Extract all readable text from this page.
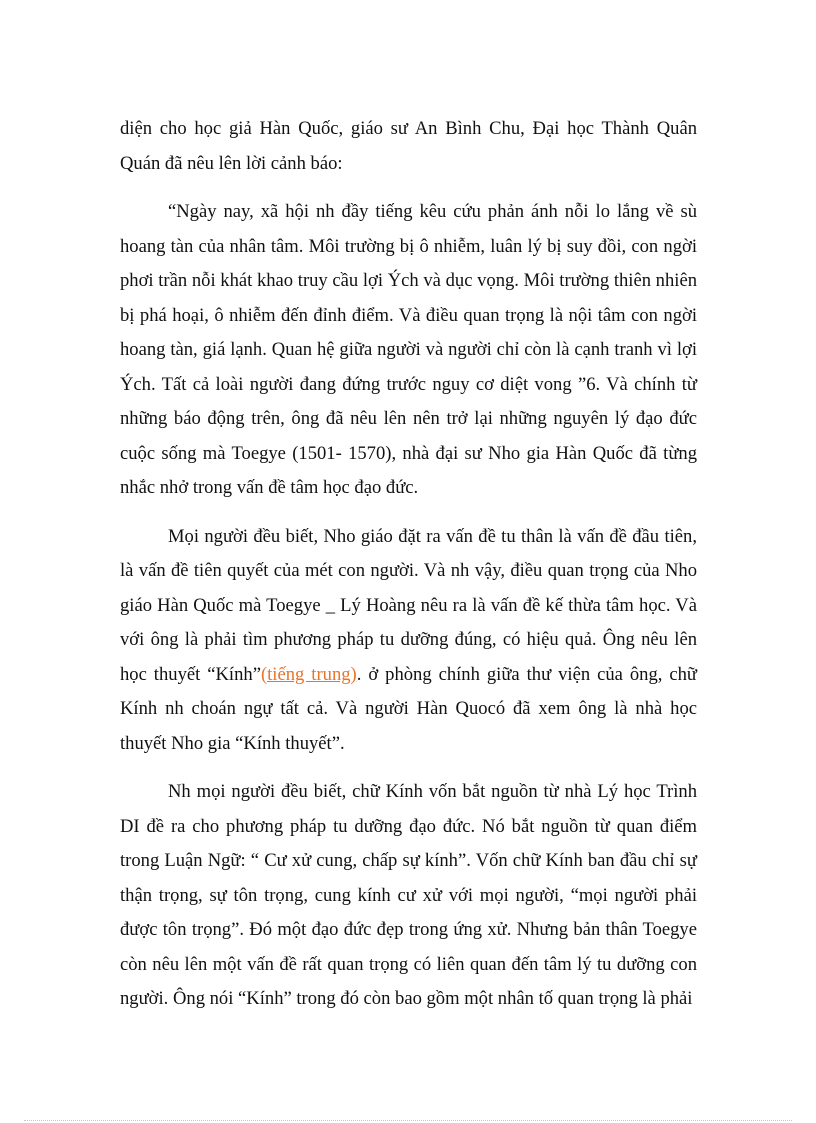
diện cho học giả Hàn Quốc, giáo sư An Bình Chu, Đại học Thành Quân Quán đã nêu lên lời cảnh báo:

“Ngày nay, xã hội nh đầy tiếng kêu cứu phản ánh nỗi lo lắng về sù hoang tàn của nhân tâm. Môi trường bị ô nhiễm, luân lý bị suy đồi, con ngời phơi trần nỗi khát khao truy cầu lợi Ých và dục vọng. Môi trường thiên nhiên bị phá hoại, ô nhiễm đến đỉnh điểm. Và điều quan trọng là nội tâm con ngời hoang tàn, giá lạnh. Quan hệ giữa người và người chỉ còn là cạnh tranh vì lợi Ých. Tất cả loài người đang đứng trước nguy cơ diệt vong ”6. Và chính từ những báo động trên, ông đã nêu lên nên trở lại những nguyên lý đạo đức cuộc sống mà Toegye (1501- 1570), nhà đại sư Nho gia Hàn Quốc đã từng nhắc nhở trong vấn đề tâm học đạo đức.

Mọi người đều biết, Nho giáo đặt ra vấn đề tu thân là vấn đề đầu tiên, là vấn đề tiên quyết của mét con người. Và nh vậy, điều quan trọng của Nho giáo Hàn Quốc mà Toegye _ Lý Hoàng nêu ra là vấn đề kế thừa tâm học. Và với ông là phải tìm phương pháp tu dưỡng đúng, có hiệu quả. Ông nêu lên học thuyết “Kính”(tiếng trung). ở phòng chính giữa thư viện của ông, chữ Kính nh choán ngự tất cả. Và người Hàn Quocó đã xem ông là nhà học thuyết Nho gia “Kính thuyết”.

Nh mọi người đều biết, chữ Kính vốn bắt nguồn từ nhà Lý học Trình DI đề ra cho phương pháp tu dưỡng đạo đức. Nó bắt nguồn từ quan điểm trong Luận Ngữ: “ Cư xử cung, chấp sự kính”. Vốn chữ Kính ban đầu chỉ sự thận trọng, sự tôn trọng, cung kính cư xử với mọi người, “mọi người phải được tôn trọng”. Đó một đạo đức đẹp trong ứng xử. Nhưng bản thân Toegye còn nêu lên một vấn đề rất quan trọng có liên quan đến tâm lý tu dưỡng con người. Ông nói “Kính” trong đó còn bao gồm một nhân tố quan trọng là phải
